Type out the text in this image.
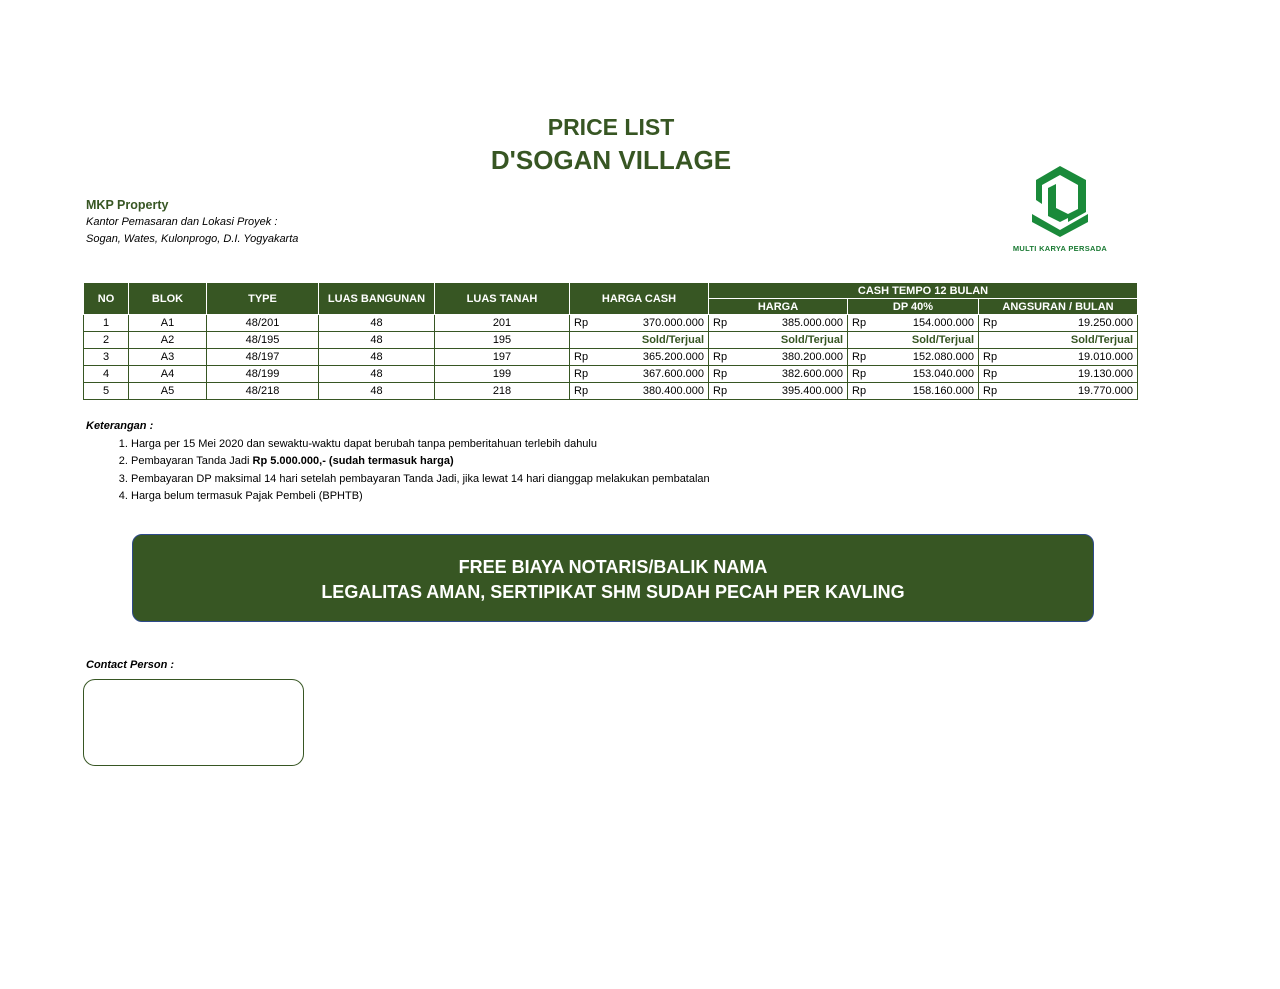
PRICE LIST
D'SOGAN VILLAGE
MKP Property
Kantor Pemasaran dan Lokasi Proyek :
Sogan, Wates, Kulonprogo, D.I. Yogyakarta
MULTI KARYA PERSADA
NO	BLOK	TYPE	LUAS BANGUNAN	LUAS TANAH	HARGA CASH	CASH TEMPO 12 BULAN		
						HARGA	DP 40%	ANGSURAN / BULAN
1	A1	48/201	48	201	Rp 370.000.000	Rp 385.000.000	Rp 154.000.000	Rp 19.250.000

2	A2	48/195	48	195	Sold/Terjual	Sold/Terjual	Sold/Terjual	Sold/Terjual
3	A3	48/197	48	197	Rp 365.200.000	Rp 380.200.000	Rp 152.080.000	Rp 19.010.000

4	A4	48/199	48	199	Rp 367.600.000	Rp 382.600.000	Rp 153.040.000	Rp 19.130.000

5	A5	48/218	48	218	Rp 380.400.000	Rp 395.400.000	Rp 158.160.000	Rp 19.770.000
Keterangan :
1. Harga per 15 Mei 2020 dan sewaktu-waktu dapat berubah tanpa pemberitahuan terlebih dahulu
2. Pembayaran Tanda Jadi Rp 5.000.000,- (sudah termasuk harga)
3. Pembayaran DP maksimal 14 hari setelah pembayaran Tanda Jadi, jika lewat 14 hari dianggap melakukan pembatalan
4. Harga belum termasuk Pajak Pembeli (BPHTB)
FREE BIAYA NOTARIS/BALIK NAMA
LEGALITAS AMAN, SERTIPIKAT SHM SUDAH PECAH PER KAVLING
Contact Person :
